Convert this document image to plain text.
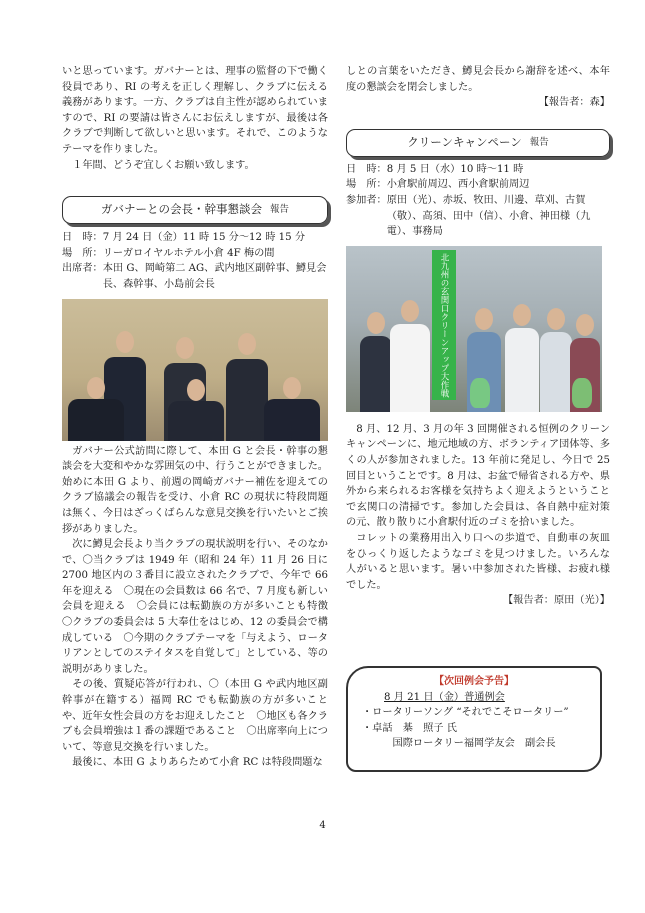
いと思っています。ガバナーとは、理事の監督の下で働く役員であり、RI の考えを正しく理解し、クラブに伝える義務があります。一方、クラブは自主性が認められていますので、RI の要請は皆さんにお伝えしますが、最後は各クラブで判断して欲しいと思います。それで、このようなテーマを作りました。

１年間、どうぞ宜しくお願い致します。

ガバナーとの会長・幹事懇談会 報告
日　時： 7 月 24 日（金）11 時 15 分〜12 時 15 分
場　所： リーガロイヤルホテル小倉 4F 梅の間
出席者： 本田 G、岡崎第二 AG、武内地区副幹事、鱒見会長、森幹事、小島前会長

ガバナー公式訪問に際して、本田 G と会長・幹事の懇談会を大変和やかな雰囲気の中、行うことができました。始めに本田 G より、前週の岡崎ガバナー補佐を迎えてのクラブ協議会の報告を受け、小倉 RC の現状に特段問題は無く、今日はざっくばらんな意見交換を行いたいとご挨拶がありました。

次に鱒見会長より当クラブの現状説明を行い、そのなかで、〇当クラブは 1949 年（昭和 24 年）11 月 26 日に 2700 地区内の３番目に設立されたクラブで、今年で 66 年を迎える　〇現在の会員数は 66 名で、7 月度も新しい会員を迎える　〇会員には転勤族の方が多いことも特徴　〇クラブの委員会は 5 大奉仕をはじめ、12 の委員会で構成している　〇今期のクラブテーマを「与えよう、ロータリアンとしてのステイタスを自覚して」としている、等の説明がありました。

その後、質疑応答が行われ、〇（本田 G や武内地区副幹事が在籍する）福岡 RC でも転勤族の方が多いことや、近年女性会員の方をお迎えしたこと　〇地区も各クラブも会員増強は１番の課題であること　〇出席率向上について、等意見交換を行いました。

最後に、本田 G よりあらためて小倉 RC は特段問題な

しとの言葉をいただき、鱒見会長から謝辞を述べ、本年度の懇談会を閉会しました。

【報告者：森】

クリーンキャンペーン 報告
日　時： 8 月 5 日（水）10 時〜11 時
場　所： 小倉駅前周辺、西小倉駅前周辺
参加者： 原田（光）、赤坂、牧田、川邊、草刈、古賀（敬）、高須、田中（信）、小倉、神田様（九電）、事務局
北九州の玄関口クリーンアップ大作戦

8 月、12 月、3 月の年 3 回開催される恒例のクリーンキャンペーンに、地元地域の方、ボランティア団体等、多くの人が参加されました。13 年前に発足し、今日で 25 回目ということです。8 月は、お盆で帰省される方や、県外から来られるお客様を気持ちよく迎えようということで玄関口の清掃です。参加した会員は、各自熱中症対策の元、散り散りに小倉駅付近のゴミを拾いました。

コレットの業務用出入り口への歩道で、自動車の灰皿をひっくり返したようなゴミを見つけました。いろんな人がいると思います。暑い中参加された皆様、お疲れ様でした。

【報告者：原田（光）】

【次回例会予告】
8 月 21 日（金）普通例会
・ロータリーソング “それでこそロータリー”
・卓話　棊　照子 氏
　　　国際ロータリー福岡学友会　副会長
4
